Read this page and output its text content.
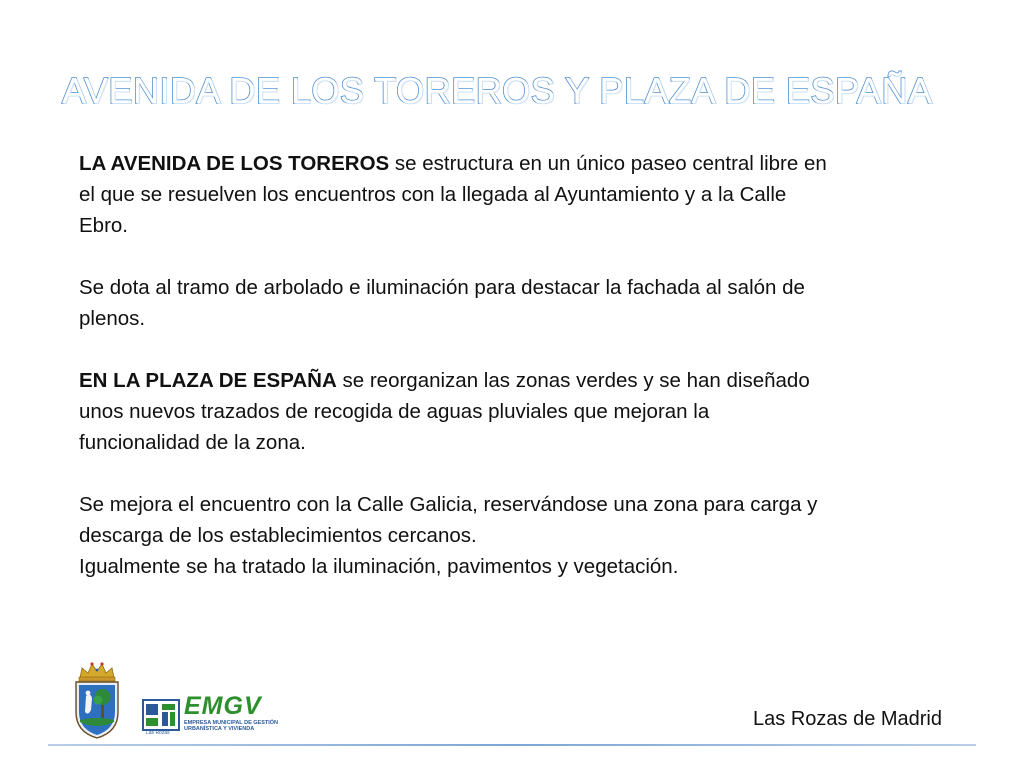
AVENIDA DE LOS TOREROS Y PLAZA DE ESPAÑA

LA AVENIDA DE LOS TOREROS se estructura en un único paseo central libre en
el que se resuelven los encuentros con la llegada al Ayuntamiento y a la Calle
Ebro.

Se dota al tramo de arbolado e iluminación para destacar la fachada al salón de
plenos.

EN LA PLAZA DE ESPAÑA se reorganizan las zonas verdes y se han diseñado
unos nuevos trazados de recogida de aguas pluviales que mejoran la
funcionalidad de la zona.

Se mejora el encuentro con la Calle Galicia, reservándose una zona para carga y
descarga de los establecimientos cercanos.
Igualmente se ha tratado la iluminación, pavimentos y vegetación.

Las Rozas
EMGV
EMPRESA MUNICIPAL DE GESTIÓN URBANÍSTICA Y VIVIENDA	Las Rozas de Madrid
